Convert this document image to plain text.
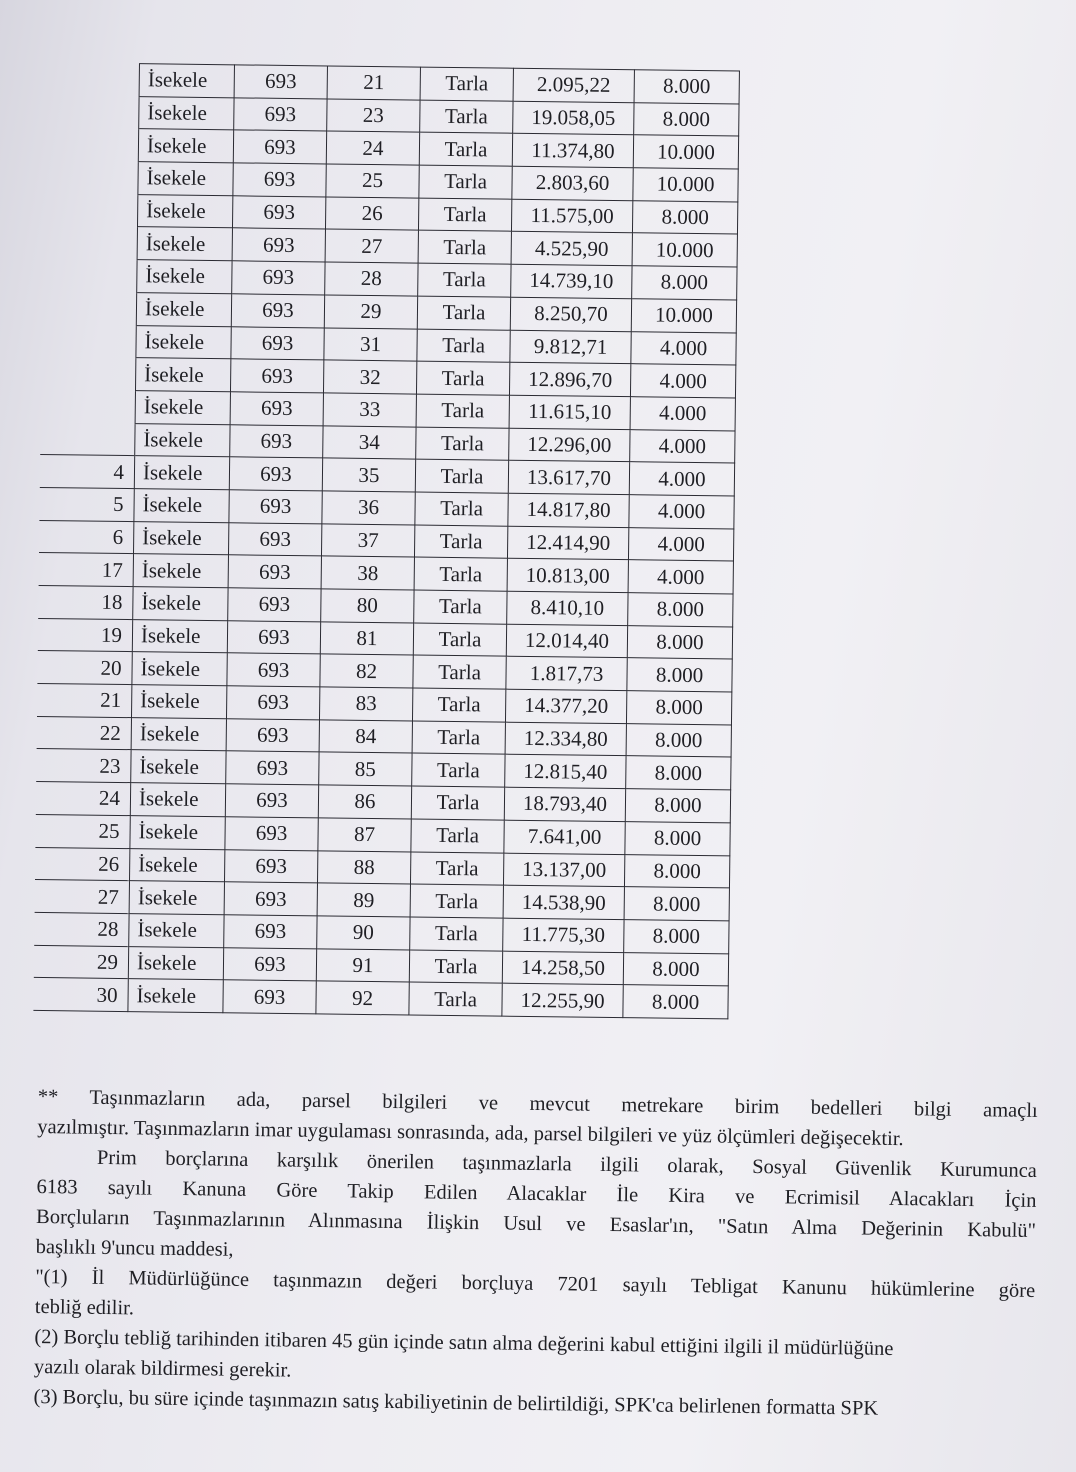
	İsekele	693	21	Tarla	2.095,22	8.000
	İsekele	693	23	Tarla	19.058,05	8.000
	İsekele	693	24	Tarla	11.374,80	10.000
	İsekele	693	25	Tarla	2.803,60	10.000
	İsekele	693	26	Tarla	11.575,00	8.000
	İsekele	693	27	Tarla	4.525,90	10.000
	İsekele	693	28	Tarla	14.739,10	8.000
	İsekele	693	29	Tarla	8.250,70	10.000
	İsekele	693	31	Tarla	9.812,71	4.000
	İsekele	693	32	Tarla	12.896,70	4.000
	İsekele	693	33	Tarla	11.615,10	4.000
	İsekele	693	34	Tarla	12.296,00	4.000
4	İsekele	693	35	Tarla	13.617,70	4.000
5	İsekele	693	36	Tarla	14.817,80	4.000
6	İsekele	693	37	Tarla	12.414,90	4.000
17	İsekele	693	38	Tarla	10.813,00	4.000
18	İsekele	693	80	Tarla	8.410,10	8.000
19	İsekele	693	81	Tarla	12.014,40	8.000
20	İsekele	693	82	Tarla	1.817,73	8.000
21	İsekele	693	83	Tarla	14.377,20	8.000
22	İsekele	693	84	Tarla	12.334,80	8.000
23	İsekele	693	85	Tarla	12.815,40	8.000
24	İsekele	693	86	Tarla	18.793,40	8.000
25	İsekele	693	87	Tarla	7.641,00	8.000
26	İsekele	693	88	Tarla	13.137,00	8.000
27	İsekele	693	89	Tarla	14.538,90	8.000
28	İsekele	693	90	Tarla	11.775,30	8.000
29	İsekele	693	91	Tarla	14.258,50	8.000
30	İsekele	693	92	Tarla	12.255,90	8.000

** Taşınmazların ada, parsel bilgileri ve mevcut metrekare birim bedelleri bilgi amaçlı

yazılmıştır. Taşınmazların imar uygulaması sonrasında, ada, parsel bilgileri ve yüz ölçümleri değişecektir.

Prim borçlarına karşılık önerilen taşınmazlarla ilgili olarak, Sosyal Güvenlik Kurumunca

6183 sayılı Kanuna Göre Takip Edilen Alacaklar İle Kira ve Ecrimisil Alacakları İçin

Borçluların Taşınmazlarının Alınmasına İlişkin Usul ve Esaslar'ın, "Satın Alma Değerinin Kabulü"

başlıklı 9'uncu maddesi,

"(1) İl Müdürlüğünce taşınmazın değeri borçluya 7201 sayılı Tebligat Kanunu hükümlerine göre

tebliğ edilir.

(2) Borçlu tebliğ tarihinden itibaren 45 gün içinde satın alma değerini kabul ettiğini ilgili il müdürlüğüne

yazılı olarak bildirmesi gerekir.

(3) Borçlu, bu süre içinde taşınmazın satış kabiliyetinin de belirtildiği, SPK'ca belirlenen formatta SPK
